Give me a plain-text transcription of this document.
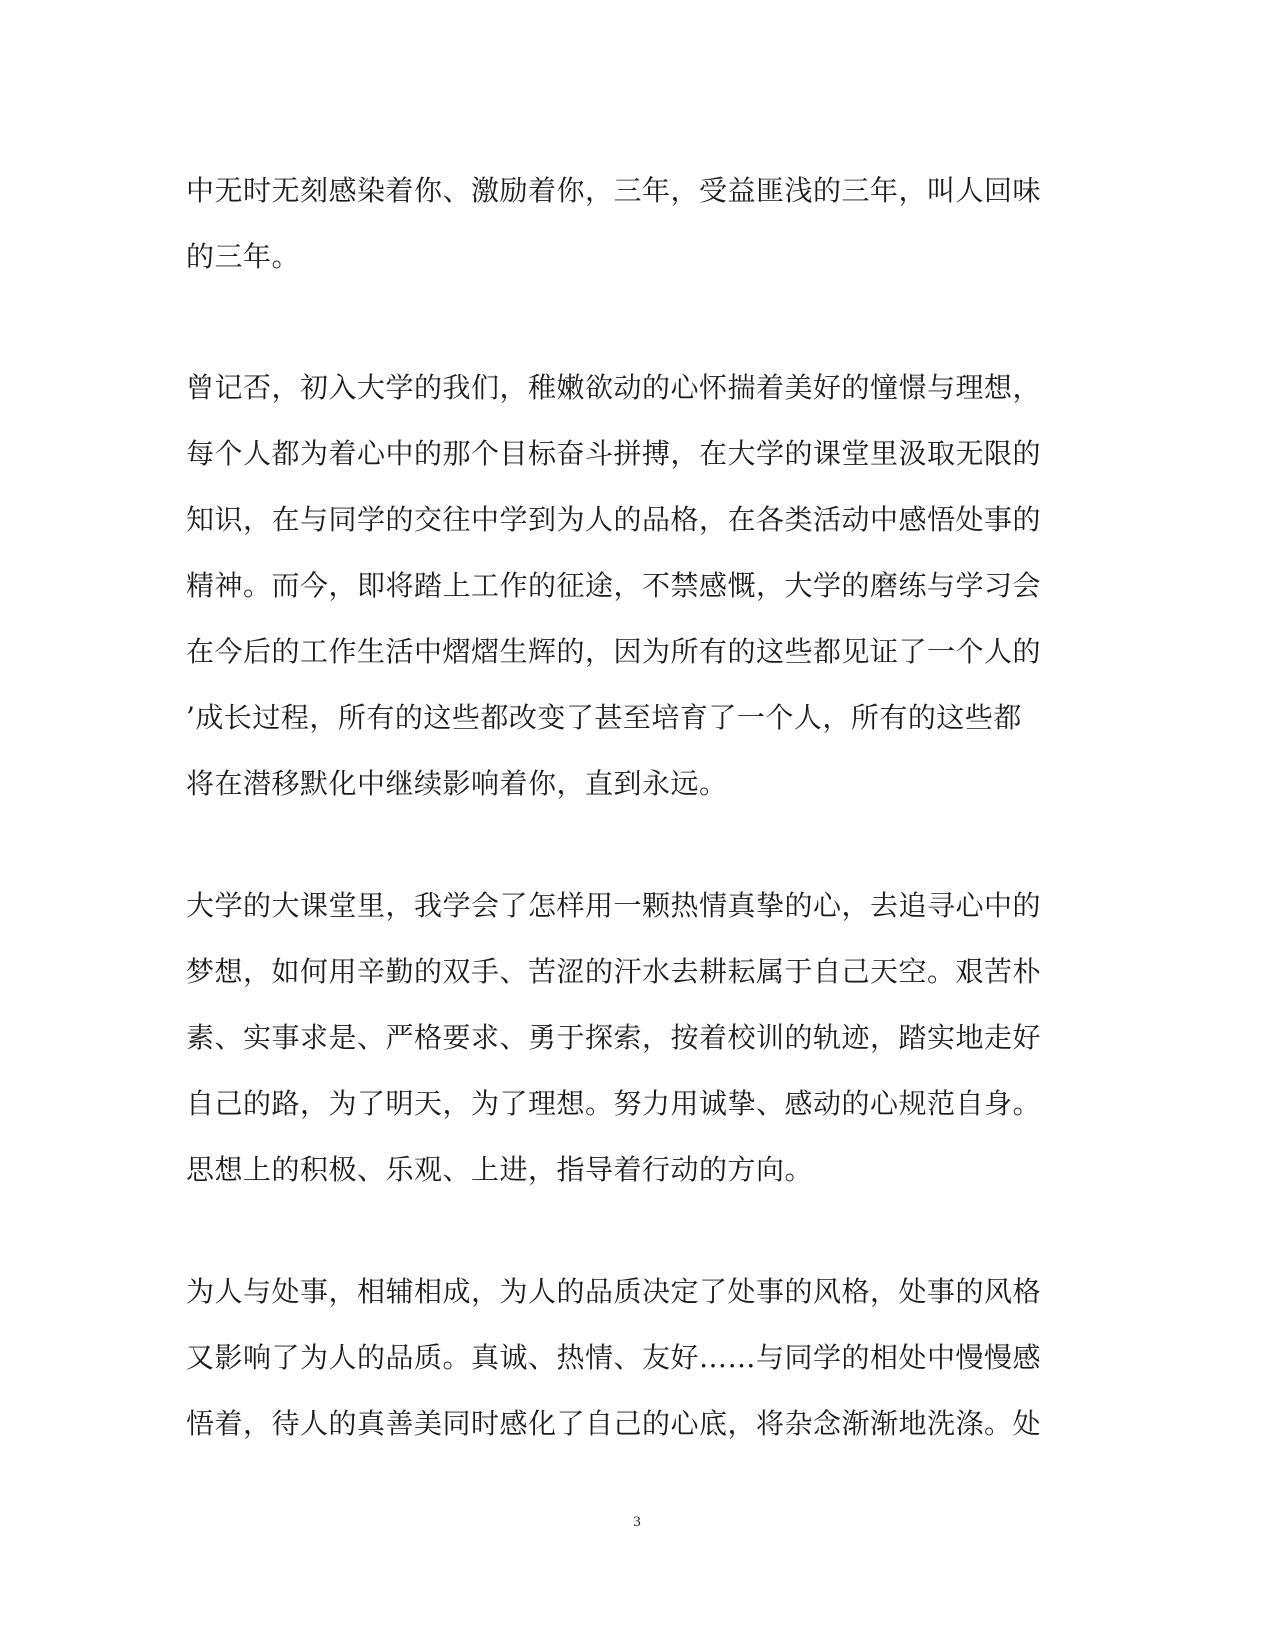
中无时无刻感染着你、激励着你，三年，受益匪浅的三年，叫人回味
的三年。
曾记否，初入大学的我们，稚嫩欲动的心怀揣着美好的憧憬与理想，
每个人都为着心中的那个目标奋斗拼搏，在大学的课堂里汲取无限的
知识，在与同学的交往中学到为人的品格，在各类活动中感悟处事的
精神。而今，即将踏上工作的征途，不禁感慨，大学的磨练与学习会
在今后的工作生活中熠熠生辉的，因为所有的这些都见证了一个人的
’成长过程，所有的这些都改变了甚至培育了一个人，所有的这些都
将在潜移默化中继续影响着你，直到永远。
大学的大课堂里，我学会了怎样用一颗热情真挚的心，去追寻心中的
梦想，如何用辛勤的双手、苦涩的汗水去耕耘属于自己天空。艰苦朴
素、实事求是、严格要求、勇于探索，按着校训的轨迹，踏实地走好
自己的路，为了明天，为了理想。努力用诚挚、感动的心规范自身。
思想上的积极、乐观、上进，指导着行动的方向。
为人与处事，相辅相成，为人的品质决定了处事的风格，处事的风格
又影响了为人的品质。真诚、热情、友好……与同学的相处中慢慢感
悟着，待人的真善美同时感化了自己的心底，将杂念渐渐地洗涤。处
3
